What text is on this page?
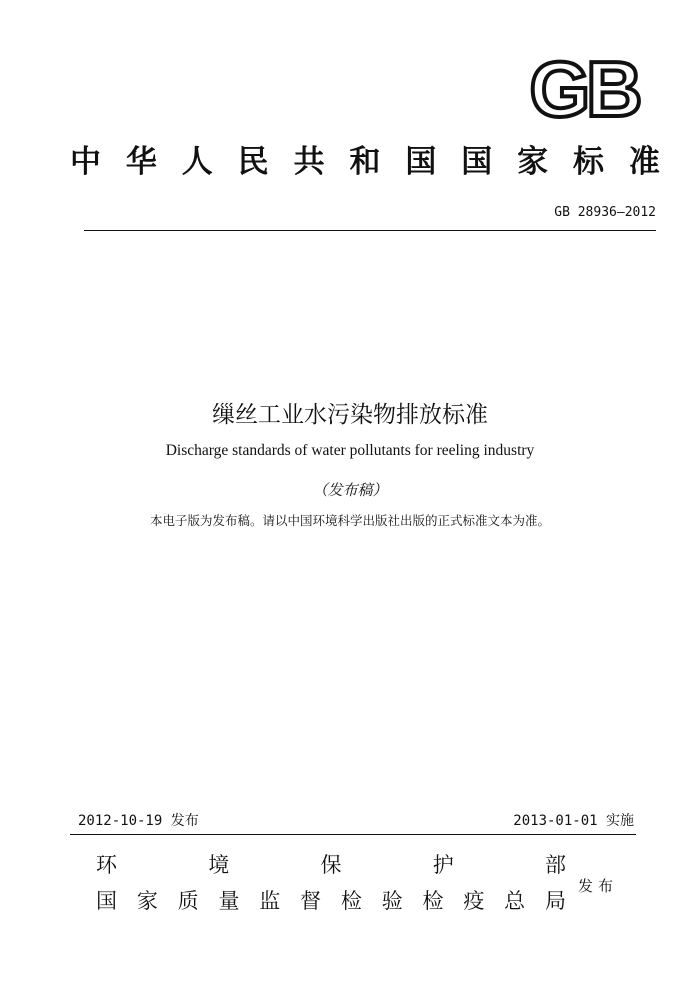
GB
中 华 人 民 共 和 国 国 家 标 准
GB 28936—2012
缫丝工业水污染物排放标准
Discharge standards of water pollutants for reeling industry
（发布稿）
本电子版为发布稿。请以中国环境科学出版社出版的正式标准文本为准。
2012-10-19 发布	2013-01-01 实施
环	境	保	护	部
国 家 质 量 监 督 检 验 检 疫 总 局
发布
